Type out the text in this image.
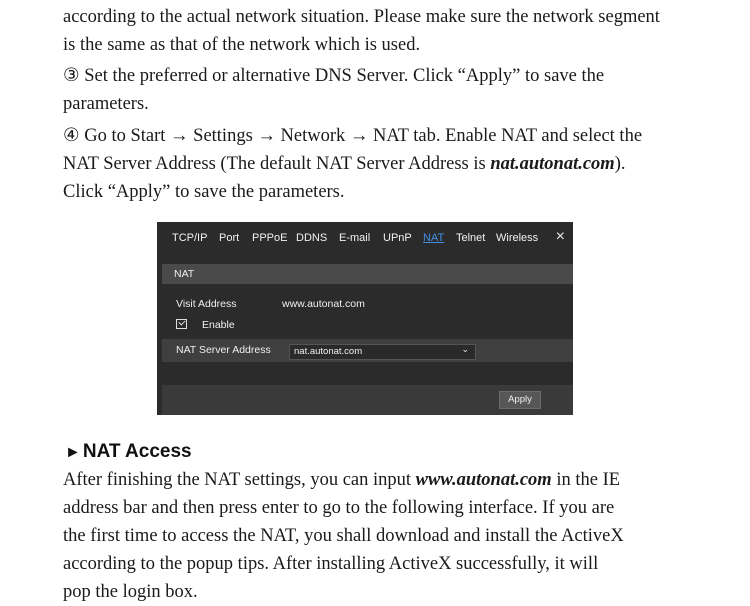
according to the actual network situation. Please make sure the network segment
is the same as that of the network which is used.

③ Set the preferred or alternative DNS Server. Click “Apply” to save the
parameters.

④ Go to Start → Settings → Network → NAT tab. Enable NAT and select the
NAT Server Address (The default NAT Server Address is nat.autonat.com).
Click “Apply” to save the parameters.

TCP/IP Port PPPoE DDNS E-mail UPnP NAT Telnet Wireless ×
NAT
Visit Address	www.autonat.com
Enable
NAT Server Address nat.autonat.com	⌄
Apply
► NAT Access

After finishing the NAT settings, you can input www.autonat.com in the IE
address bar and then press enter to go to the following interface. If you are
the first time to access the NAT, you shall download and install the ActiveX
according to the popup tips. After installing ActiveX successfully, it will
pop the login box.
